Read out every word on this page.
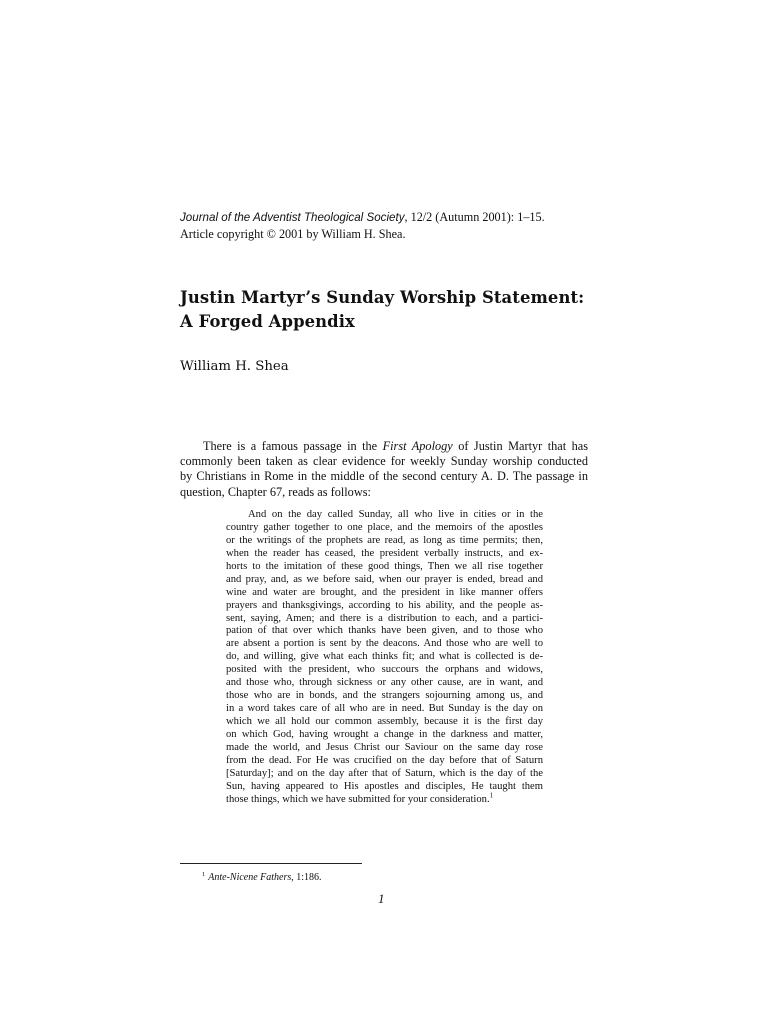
Journal of the Adventist Theological Society, 12/2 (Autumn 2001): 1–15.
Article copyright © 2001 by William H. Shea.
Justin Martyr’s Sunday Worship Statement:
A Forged Appendix
William H. Shea
There is a famous passage in the First Apology of Justin Martyr that has
commonly been taken as clear evidence for weekly Sunday worship conducted
by Christians in Rome in the middle of the second century A. D. The passage in
question, Chapter 67, reads as follows:
And on the day called Sunday, all who live in cities or in the
country gather together to one place, and the memoirs of the apostles
or the writings of the prophets are read, as long as time permits; then,
when the reader has ceased, the president verbally instructs, and ex-
horts to the imitation of these good things, Then we all rise together
and pray, and, as we before said, when our prayer is ended, bread and
wine and water are brought, and the president in like manner offers
prayers and thanksgivings, according to his ability, and the people as-
sent, saying, Amen; and there is a distribution to each, and a partici-
pation of that over which thanks have been given, and to those who
are absent a portion is sent by the deacons. And those who are well to
do, and willing, give what each thinks fit; and what is collected is de-
posited with the president, who succours the orphans and widows,
and those who, through sickness or any other cause, are in want, and
those who are in bonds, and the strangers sojourning among us, and
in a word takes care of all who are in need. But Sunday is the day on
which we all hold our common assembly, because it is the first day
on which God, having wrought a change in the darkness and matter,
made the world, and Jesus Christ our Saviour on the same day rose
from the dead. For He was crucified on the day before that of Saturn
[Saturday]; and on the day after that of Saturn, which is the day of the
Sun, having appeared to His apostles and disciples, He taught them
those things, which we have submitted for your consideration.$^1$
$^1$ Ante-Nicene Fathers, 1:186.
1
